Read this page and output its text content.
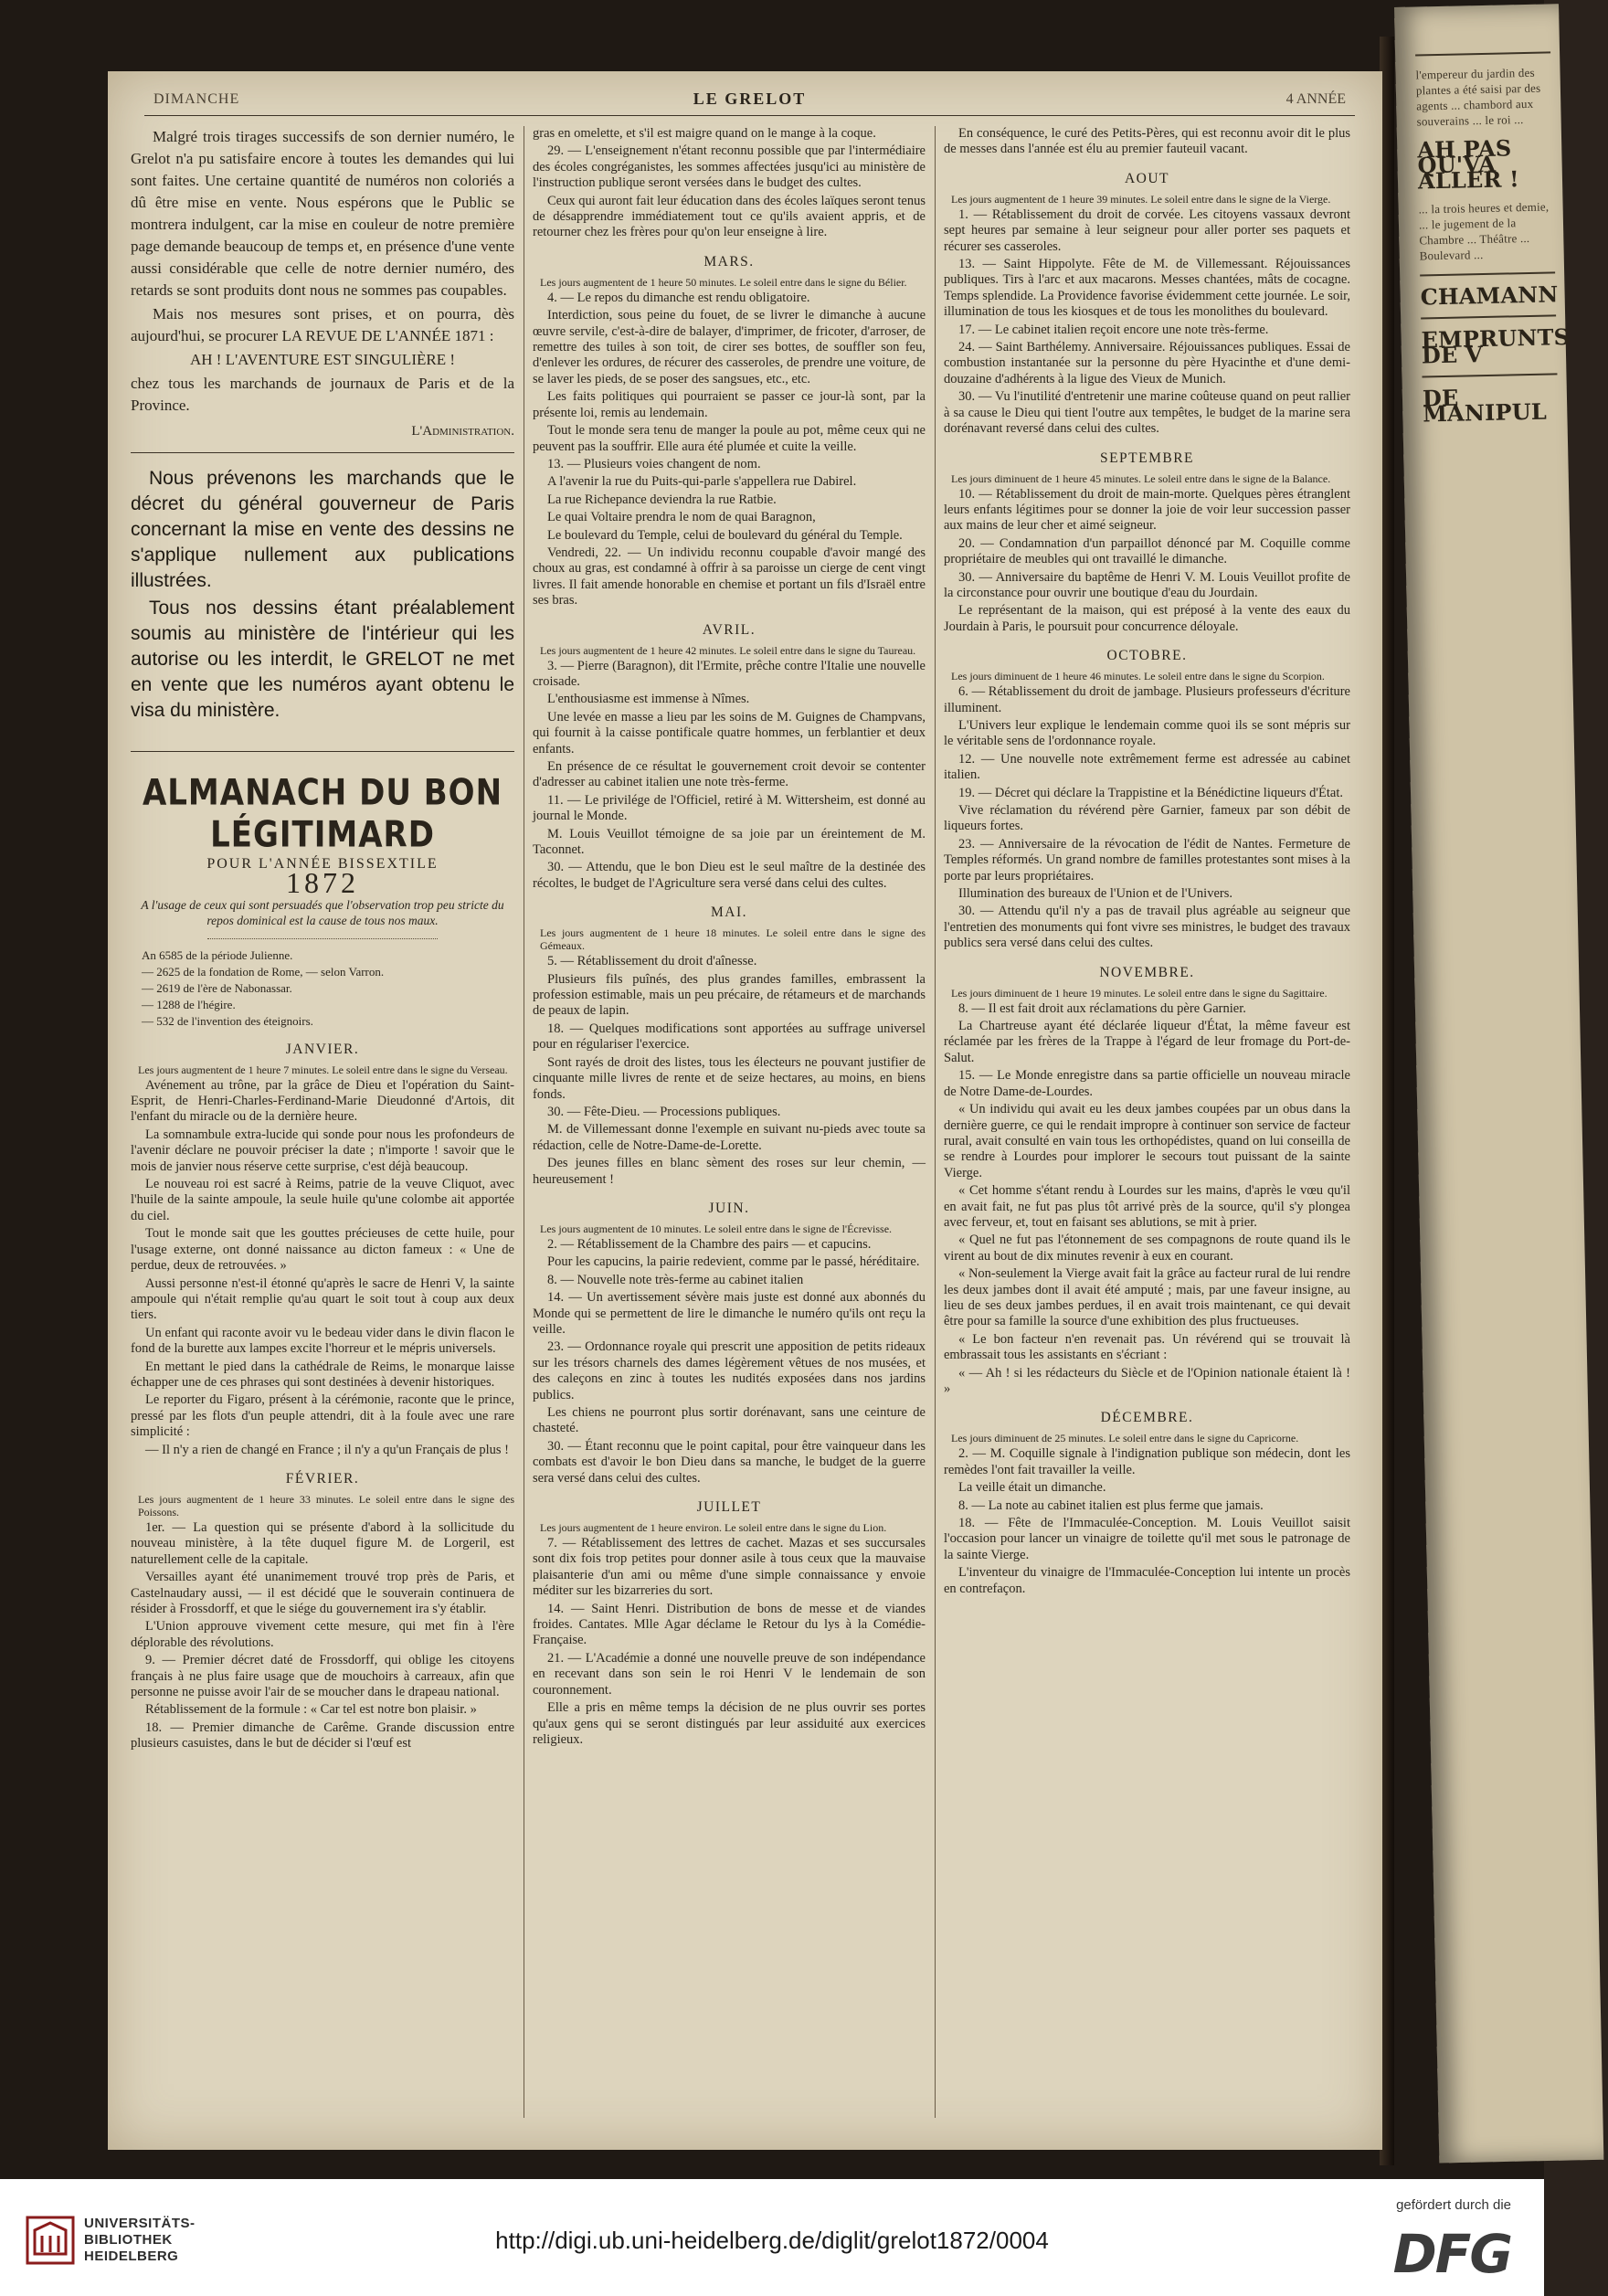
l'empereur du jardin des plantes a été saisi par des agents ... chambord aux souverains ... le roi ...
AH PAS QU'VA ALLER !
... la trois heures et demie, ... le jugement de la Chambre ... Théâtre ... Boulevard ...
CHAMANN
EMPRUNTS DE V
DE MANIPUL
DIMANCHE	LE GRELOT	4 ANNÉE

Malgré trois tirages successifs de son dernier numéro, le Grelot n'a pu satisfaire encore à toutes les demandes qui lui sont faites. Une certaine quantité de numéros non coloriés a dû être mise en vente. Nous espérons que le Public se montrera indulgent, car la mise en couleur de notre première page demande beaucoup de temps et, en présence d'une vente aussi considérable que celle de notre dernier numéro, des retards se sont produits dont nous ne sommes pas coupables.

Mais nos mesures sont prises, et on pourra, dès aujourd'hui, se procurer LA REVUE DE L'ANNÉE 1871 :

AH ! L'AVENTURE EST SINGULIÈRE !

chez tous les marchands de journaux de Paris et de la Province.

L'Administration.

Nous prévenons les marchands que le décret du général gouverneur de Paris concernant la mise en vente des dessins ne s'applique nullement aux publications illustrées.

Tous nos dessins étant préalablement soumis au ministère de l'intérieur qui les autorise ou les interdit, le GRELOT ne met en vente que les numéros ayant obtenu le visa du ministère.

ALMANACH DU BON LÉGITIMARD

POUR L'ANNÉE BISSEXTILE

1872

A l'usage de ceux qui sont persuadés que l'observation trop peu stricte du repos dominical est la cause de tous nos maux.

An 6585 de la période Julienne.

— 2625 de la fondation de Rome, — selon Varron.

— 2619 de l'ère de Nabonassar.

— 1288 de l'hégire.

— 532 de l'invention des éteignoirs.

JANVIER.

Les jours augmentent de 1 heure 7 minutes. Le soleil entre dans le signe du Verseau.

Avénement au trône, par la grâce de Dieu et l'opération du Saint-Esprit, de Henri-Charles-Ferdinand-Marie Dieudonné d'Artois, dit l'enfant du miracle ou de la dernière heure.

La somnambule extra-lucide qui sonde pour nous les profondeurs de l'avenir déclare ne pouvoir préciser la date ; n'importe ! savoir que le mois de janvier nous réserve cette surprise, c'est déjà beaucoup.

Le nouveau roi est sacré à Reims, patrie de la veuve Cliquot, avec l'huile de la sainte ampoule, la seule huile qu'une colombe ait apportée du ciel.

Tout le monde sait que les gouttes précieuses de cette huile, pour l'usage externe, ont donné naissance au dicton fameux : « Une de perdue, deux de retrouvées. »

Aussi personne n'est-il étonné qu'après le sacre de Henri V, la sainte ampoule qui n'était remplie qu'au quart le soit tout à coup aux deux tiers.

Un enfant qui raconte avoir vu le bedeau vider dans le divin flacon le fond de la burette aux lampes excite l'horreur et le mépris universels.

En mettant le pied dans la cathédrale de Reims, le monarque laisse échapper une de ces phrases qui sont destinées à devenir historiques.

Le reporter du Figaro, présent à la cérémonie, raconte que le prince, pressé par les flots d'un peuple attendri, dit à la foule avec une rare simplicité :

— Il n'y a rien de changé en France ; il n'y a qu'un Français de plus !

FÉVRIER.

Les jours augmentent de 1 heure 33 minutes. Le soleil entre dans le signe des Poissons.

1er. — La question qui se présente d'abord à la sollicitude du nouveau ministère, à la tête duquel figure M. de Lorgeril, est naturellement celle de la capitale.

Versailles ayant été unanimement trouvé trop près de Paris, et Castelnaudary aussi, — il est décidé que le souverain continuera de résider à Frossdorff, et que le siége du gouvernement ira s'y établir.

L'Union approuve vivement cette mesure, qui met fin à l'ère déplorable des révolutions.

9. — Premier décret daté de Frossdorff, qui oblige les citoyens français à ne plus faire usage que de mouchoirs à carreaux, afin que personne ne puisse avoir l'air de se moucher dans le drapeau national.

Rétablissement de la formule : « Car tel est notre bon plaisir. »

18. — Premier dimanche de Carême. Grande discussion entre plusieurs casuistes, dans le but de décider si l'œuf est

gras en omelette, et s'il est maigre quand on le mange à la coque.

29. — L'enseignement n'étant reconnu possible que par l'intermédiaire des écoles congréganistes, les sommes affectées jusqu'ici au ministère de l'instruction publique seront versées dans le budget des cultes.

Ceux qui auront fait leur éducation dans des écoles laïques seront tenus de désapprendre immédiatement tout ce qu'ils avaient appris, et de retourner chez les frères pour qu'on leur enseigne à lire.

MARS.

Les jours augmentent de 1 heure 50 minutes. Le soleil entre dans le signe du Bélier.

4. — Le repos du dimanche est rendu obligatoire.

Interdiction, sous peine du fouet, de se livrer le dimanche à aucune œuvre servile, c'est-à-dire de balayer, d'imprimer, de fricoter, d'arroser, de remettre des tuiles à son toit, de cirer ses bottes, de souffler son feu, d'enlever les ordures, de récurer des casseroles, de prendre une voiture, de se laver les pieds, de se poser des sangsues, etc., etc.

Les faits politiques qui pourraient se passer ce jour-là sont, par la présente loi, remis au lendemain.

Tout le monde sera tenu de manger la poule au pot, même ceux qui ne peuvent pas la souffrir. Elle aura été plumée et cuite la veille.

13. — Plusieurs voies changent de nom.

A l'avenir la rue du Puits-qui-parle s'appellera rue Dabirel.

La rue Richepance deviendra la rue Ratbie.

Le quai Voltaire prendra le nom de quai Baragnon,

Le boulevard du Temple, celui de boulevard du général du Temple.

Vendredi, 22. — Un individu reconnu coupable d'avoir mangé des choux au gras, est condamné à offrir à sa paroisse un cierge de cent vingt livres. Il fait amende honorable en chemise et portant un fils d'Israël entre ses bras.

AVRIL.

Les jours augmentent de 1 heure 42 minutes. Le soleil entre dans le signe du Taureau.

3. — Pierre (Baragnon), dit l'Ermite, prêche contre l'Italie une nouvelle croisade.

L'enthousiasme est immense à Nîmes.

Une levée en masse a lieu par les soins de M. Guignes de Champvans, qui fournit à la caisse pontificale quatre hommes, un ferblantier et deux enfants.

En présence de ce résultat le gouvernement croit devoir se contenter d'adresser au cabinet italien une note très-ferme.

11. — Le privilége de l'Officiel, retiré à M. Wittersheim, est donné au journal le Monde.

M. Louis Veuillot témoigne de sa joie par un éreintement de M. Taconnet.

30. — Attendu, que le bon Dieu est le seul maître de la destinée des récoltes, le budget de l'Agriculture sera versé dans celui des cultes.

MAI.

Les jours augmentent de 1 heure 18 minutes. Le soleil entre dans le signe des Gémeaux.

5. — Rétablissement du droit d'aînesse.

Plusieurs fils puînés, des plus grandes familles, embrassent la profession estimable, mais un peu précaire, de rétameurs et de marchands de peaux de lapin.

18. — Quelques modifications sont apportées au suffrage universel pour en régulariser l'exercice.

Sont rayés de droit des listes, tous les électeurs ne pouvant justifier de cinquante mille livres de rente et de seize hectares, au moins, en biens fonds.

30. — Fête-Dieu. — Processions publiques.

M. de Villemessant donne l'exemple en suivant nu-pieds avec toute sa rédaction, celle de Notre-Dame-de-Lorette.

Des jeunes filles en blanc sèment des roses sur leur chemin, — heureusement !

JUIN.

Les jours augmentent de 10 minutes. Le soleil entre dans le signe de l'Écrevisse.

2. — Rétablissement de la Chambre des pairs — et capucins.

Pour les capucins, la pairie redevient, comme par le passé, héréditaire.

8. — Nouvelle note très-ferme au cabinet italien

14. — Un avertissement sévère mais juste est donné aux abonnés du Monde qui se permettent de lire le dimanche le numéro qu'ils ont reçu la veille.

23. — Ordonnance royale qui prescrit une apposition de petits rideaux sur les trésors charnels des dames légèrement vêtues de nos musées, et des caleçons en zinc à toutes les nudités exposées dans nos jardins publics.

Les chiens ne pourront plus sortir dorénavant, sans une ceinture de chasteté.

30. — Étant reconnu que le point capital, pour être vainqueur dans les combats est d'avoir le bon Dieu dans sa manche, le budget de la guerre sera versé dans celui des cultes.

JUILLET

Les jours augmentent de 1 heure environ. Le soleil entre dans le signe du Lion.

7. — Rétablissement des lettres de cachet. Mazas et ses succursales sont dix fois trop petites pour donner asile à tous ceux que la mauvaise plaisanterie d'un ami ou même d'une simple connaissance y envoie méditer sur les bizarreries du sort.

14. — Saint Henri. Distribution de bons de messe et de viandes froides. Cantates. Mlle Agar déclame le Retour du lys à la Comédie-Française.

21. — L'Académie a donné une nouvelle preuve de son indépendance en recevant dans son sein le roi Henri V le lendemain de son couronnement.

Elle a pris en même temps la décision de ne plus ouvrir ses portes qu'aux gens qui se seront distingués par leur assiduité aux exercices religieux.

En conséquence, le curé des Petits-Pères, qui est reconnu avoir dit le plus de messes dans l'année est élu au premier fauteuil vacant.

AOUT

Les jours augmentent de 1 heure 39 minutes. Le soleil entre dans le signe de la Vierge.

1. — Rétablissement du droit de corvée. Les citoyens vassaux devront sept heures par semaine à leur seigneur pour aller porter ses paquets et récurer ses casseroles.

13. — Saint Hippolyte. Fête de M. de Villemessant. Réjouissances publiques. Tirs à l'arc et aux macarons. Messes chantées, mâts de cocagne. Temps splendide. La Providence favorise évidemment cette journée. Le soir, illumination de tous les kiosques et de tous les monolithes du boulevard.

17. — Le cabinet italien reçoit encore une note très-ferme.

24. — Saint Barthélemy. Anniversaire. Réjouissances publiques. Essai de combustion instantanée sur la personne du père Hyacinthe et d'une demi-douzaine d'adhérents à la ligue des Vieux de Munich.

30. — Vu l'inutilité d'entretenir une marine coûteuse quand on peut rallier à sa cause le Dieu qui tient l'outre aux tempêtes, le budget de la marine sera dorénavant reversé dans celui des cultes.

SEPTEMBRE

Les jours diminuent de 1 heure 45 minutes. Le soleil entre dans le signe de la Balance.

10. — Rétablissement du droit de main-morte. Quelques pères étranglent leurs enfants légitimes pour se donner la joie de voir leur succession passer aux mains de leur cher et aimé seigneur.

20. — Condamnation d'un parpaillot dénoncé par M. Coquille comme propriétaire de meubles qui ont travaillé le dimanche.

30. — Anniversaire du baptême de Henri V. M. Louis Veuillot profite de la circonstance pour ouvrir une boutique d'eau du Jourdain.

Le représentant de la maison, qui est préposé à la vente des eaux du Jourdain à Paris, le poursuit pour concurrence déloyale.

OCTOBRE.

Les jours diminuent de 1 heure 46 minutes. Le soleil entre dans le signe du Scorpion.

6. — Rétablissement du droit de jambage. Plusieurs professeurs d'écriture illuminent.

L'Univers leur explique le lendemain comme quoi ils se sont mépris sur le véritable sens de l'ordonnance royale.

12. — Une nouvelle note extrêmement ferme est adressée au cabinet italien.

19. — Décret qui déclare la Trappistine et la Bénédictine liqueurs d'État.

Vive réclamation du révérend père Garnier, fameux par son débit de liqueurs fortes.

23. — Anniversaire de la révocation de l'édit de Nantes. Fermeture de Temples réformés. Un grand nombre de familles protestantes sont mises à la porte par leurs propriétaires.

Illumination des bureaux de l'Union et de l'Univers.

30. — Attendu qu'il n'y a pas de travail plus agréable au seigneur que l'entretien des monuments qui font vivre ses ministres, le budget des travaux publics sera versé dans celui des cultes.

NOVEMBRE.

Les jours diminuent de 1 heure 19 minutes. Le soleil entre dans le signe du Sagittaire.

8. — Il est fait droit aux réclamations du père Garnier.

La Chartreuse ayant été déclarée liqueur d'État, la même faveur est réclamée par les frères de la Trappe à l'égard de leur fromage du Port-de-Salut.

15. — Le Monde enregistre dans sa partie officielle un nouveau miracle de Notre Dame-de-Lourdes.

« Un individu qui avait eu les deux jambes coupées par un obus dans la dernière guerre, ce qui le rendait impropre à continuer son service de facteur rural, avait consulté en vain tous les orthopédistes, quand on lui conseilla de se rendre à Lourdes pour implorer le secours tout puissant de la sainte Vierge.

« Cet homme s'étant rendu à Lourdes sur les mains, d'après le vœu qu'il en avait fait, ne fut pas plus tôt arrivé près de la source, qu'il s'y plongea avec ferveur, et, tout en faisant ses ablutions, se mit à prier.

« Quel ne fut pas l'étonnement de ses compagnons de route quand ils le virent au bout de dix minutes revenir à eux en courant.

« Non-seulement la Vierge avait fait la grâce au facteur rural de lui rendre les deux jambes dont il avait été amputé ; mais, par une faveur insigne, au lieu de ses deux jambes perdues, il en avait trois maintenant, ce qui devait être pour sa famille la source d'une exhibition des plus fructueuses.

« Le bon facteur n'en revenait pas. Un révérend qui se trouvait là embrassait tous les assistants en s'écriant :

« — Ah ! si les rédacteurs du Siècle et de l'Opinion nationale étaient là ! »

DÉCEMBRE.

Les jours diminuent de 25 minutes. Le soleil entre dans le signe du Capricorne.

2. — M. Coquille signale à l'indignation publique son médecin, dont les remèdes l'ont fait travailler la veille.

La veille était un dimanche.

8. — La note au cabinet italien est plus ferme que jamais.

18. — Fête de l'Immaculée-Conception. M. Louis Veuillot saisit l'occasion pour lancer un vinaigre de toilette qu'il met sous le patronage de la sainte Vierge.

L'inventeur du vinaigre de l'Immaculée-Conception lui intente un procès en contrefaçon.

UNIVERSITÄTS-
BIBLIOTHEK
HEIDELBERG
http://digi.ub.uni-heidelberg.de/diglit/grelot1872/0004
gefördert durch die
DFG
